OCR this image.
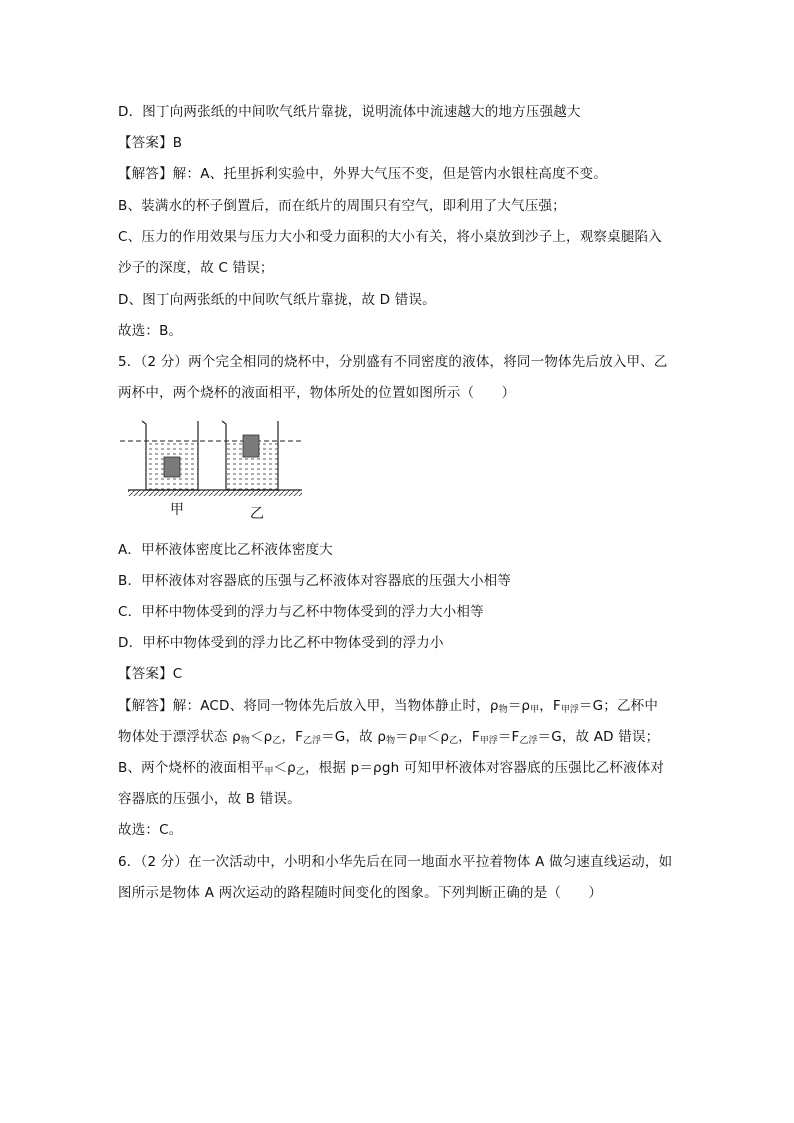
D．图丁向两张纸的中间吹气纸片靠拢，说明流体中流速越大的地方压强越大
【答案】B
【解答】解：A、托里拆利实验中，外界大气压不变，但是管内水银柱高度不变。
B、装满水的杯子倒置后，而在纸片的周围只有空气，即利用了大气压强；
C、压力的作用效果与压力大小和受力面积的大小有关，将小桌放到沙子上，观察桌腿陷入
沙子的深度，故 C 错误；
D、图丁向两张纸的中间吹气纸片靠拢，故 D 错误。
故选：B。
5．（2 分）两个完全相同的烧杯中，分别盛有不同密度的液体，将同一物体先后放入甲、乙
两杯中，两个烧杯的液面相平，物体所处的位置如图所示（　　）
甲	乙
A．甲杯液体密度比乙杯液体密度大
B．甲杯液体对容器底的压强与乙杯液体对容器底的压强大小相等
C．甲杯中物体受到的浮力与乙杯中物体受到的浮力大小相等
D．甲杯中物体受到的浮力比乙杯中物体受到的浮力小
【答案】C
【解答】解：ACD、将同一物体先后放入甲，当物体静止时，$\rho_物=\rho_甲$，$F_{甲浮}=G$；乙杯中
物体处于漂浮状态 $\rho_物<\rho_乙$，$F_{乙浮}=G$，故 $\rho_物=\rho_甲<\rho_乙$，$F_{甲浮}=F_{乙浮}=G$，故 AD 错误；
B、两个烧杯的液面相平$_甲<\rho_乙$，根据 p＝ρgh 可知甲杯液体对容器底的压强比乙杯液体对
容器底的压强小，故 B 错误。
故选：C。
6．（2 分）在一次活动中，小明和小华先后在同一地面水平拉着物体 A 做匀速直线运动，如
图所示是物体 A 两次运动的路程随时间变化的图象。下列判断正确的是（　　）
